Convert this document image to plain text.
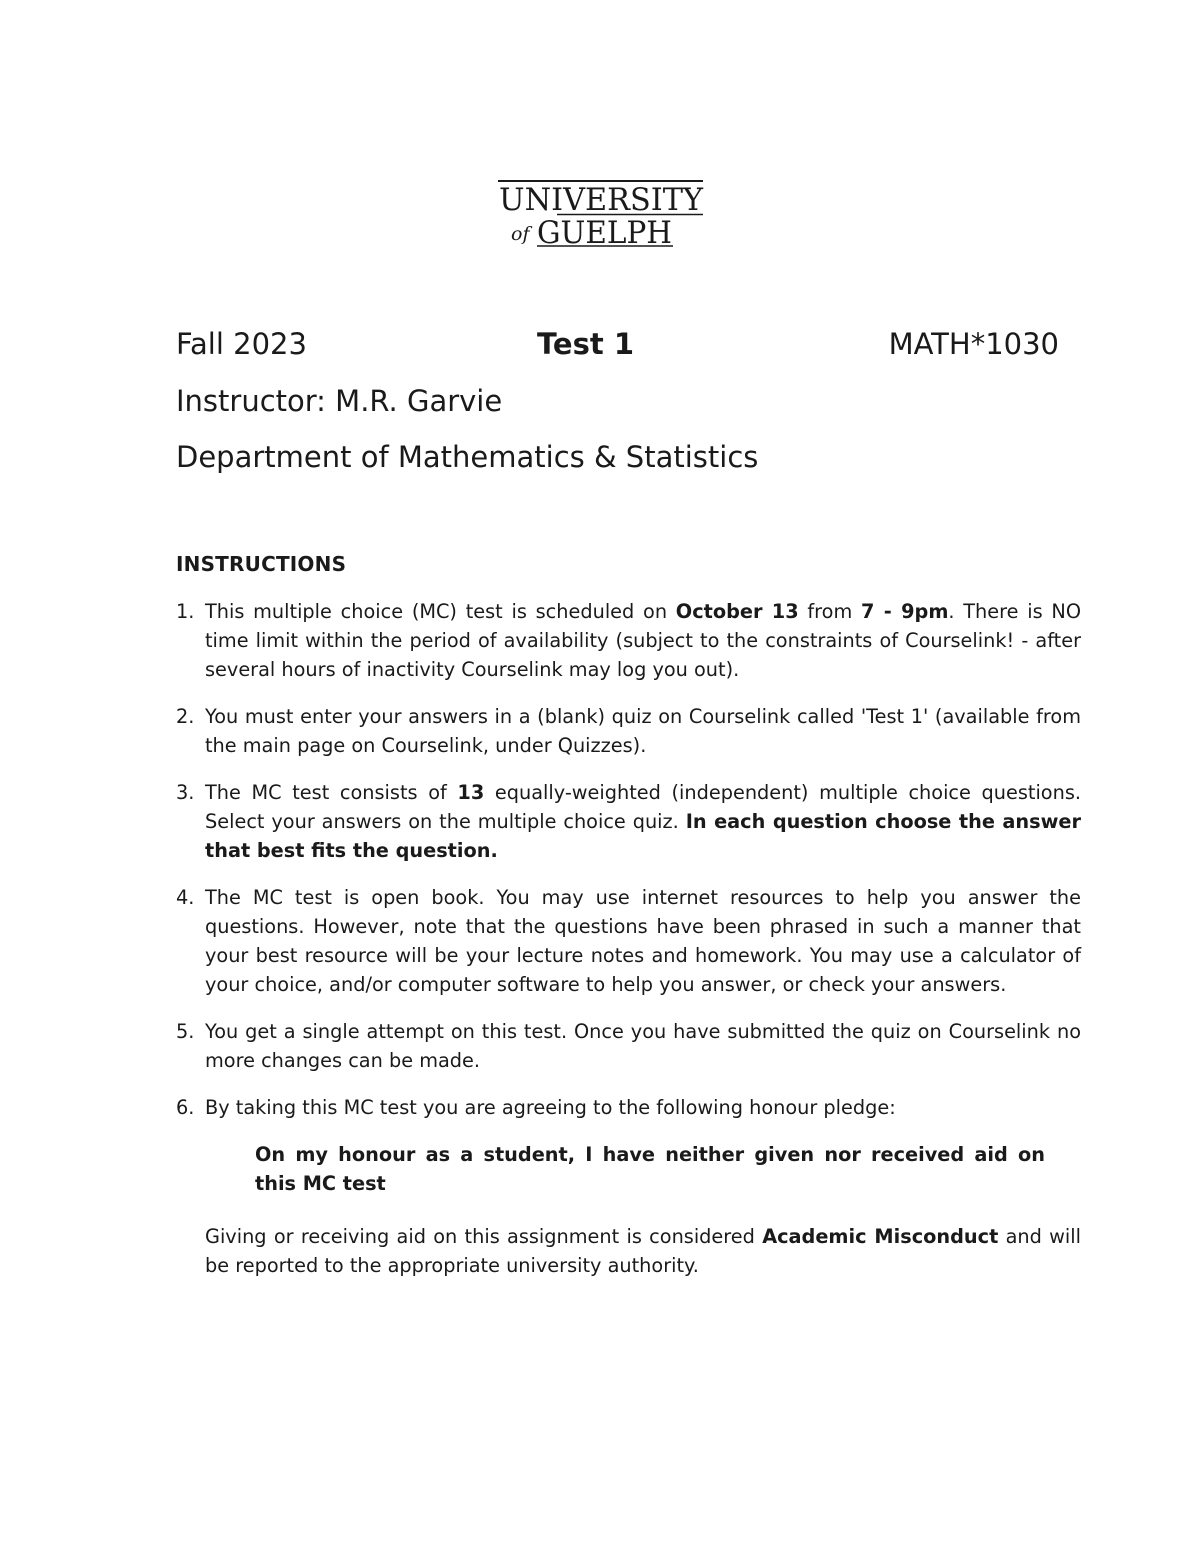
UNIVERSITY
of GUELPH
Fall 2023	Test 1	MATH*1030
Instructor: M.R. Garvie
Department of Mathematics & Statistics
INSTRUCTIONS
1. This multiple choice (MC) test is scheduled on October 13 from 7 - 9pm. There is NO time limit within the period of availability (subject to the constraints of Courselink! - after several hours of inactivity Courselink may log you out).
2. You must enter your answers in a (blank) quiz on Courselink called 'Test 1' (available from the main page on Courselink, under Quizzes).
3. The MC test consists of 13 equally-weighted (independent) multiple choice questions. Select your answers on the multiple choice quiz. In each question choose the answer that best fits the question.
4. The MC test is open book. You may use internet resources to help you answer the questions. However, note that the questions have been phrased in such a manner that your best resource will be your lecture notes and homework. You may use a calculator of your choice, and/or computer software to help you answer, or check your answers.
5. You get a single attempt on this test. Once you have submitted the quiz on Courselink no more changes can be made.
6. By taking this MC test you are agreeing to the following honour pledge:
On my honour as a student, I have neither given nor received aid on this MC test
Giving or receiving aid on this assignment is considered Academic Misconduct and will be reported to the appropriate university authority.
